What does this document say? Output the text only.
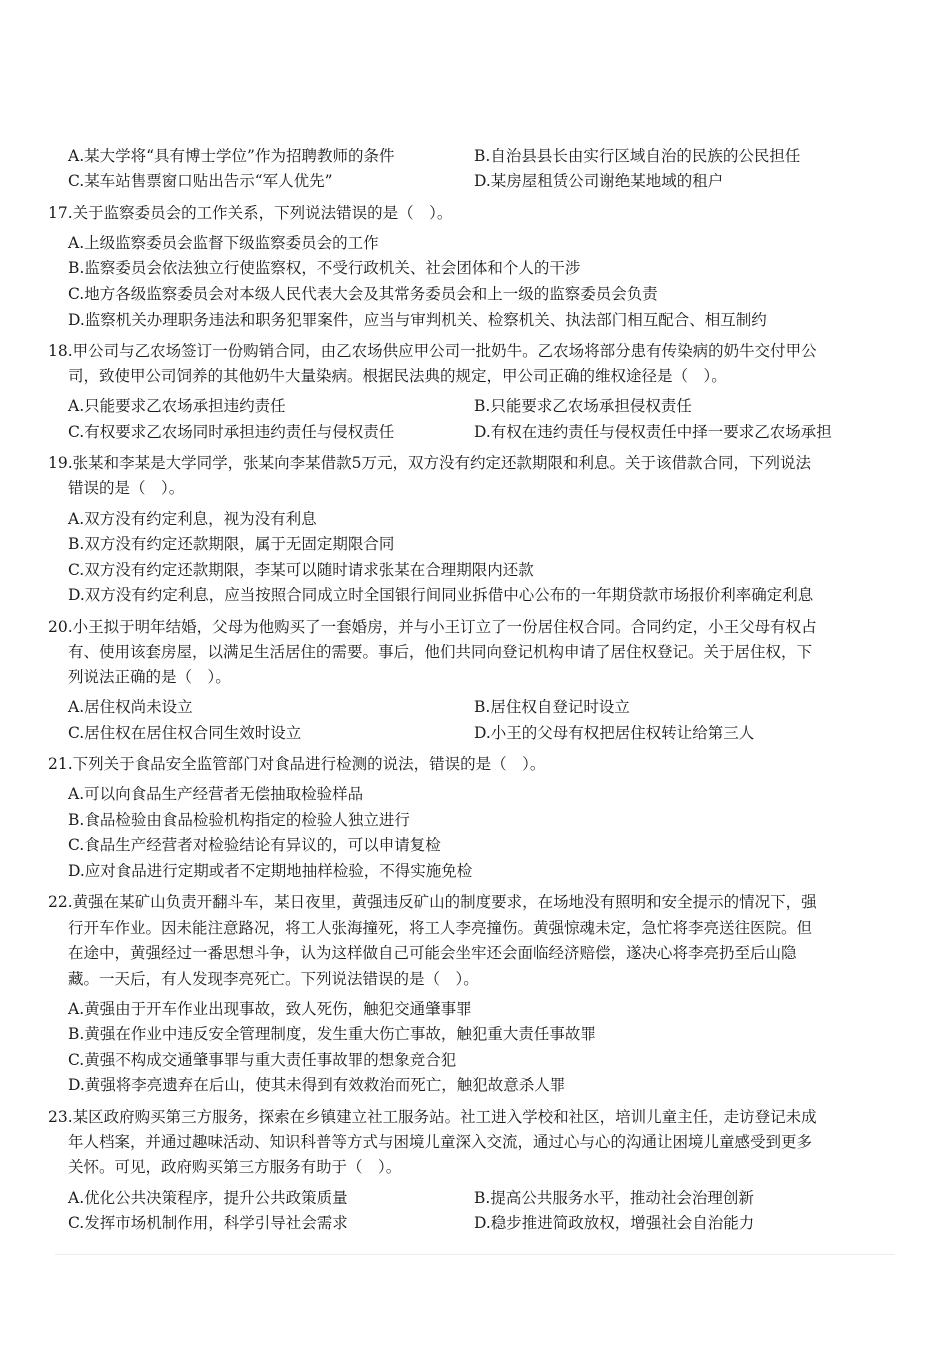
A.某大学将“具有博士学位”作为招聘教师的条件	B.自治县县长由实行区域自治的民族的公民担任
C.某车站售票窗口贴出告示“军人优先”	D.某房屋租赁公司谢绝某地域的租户
17.关于监察委员会的工作关系，下列说法错误的是（　）。
A.上级监察委员会监督下级监察委员会的工作
B.监察委员会依法独立行使监察权，不受行政机关、社会团体和个人的干涉
C.地方各级监察委员会对本级人民代表大会及其常务委员会和上一级的监察委员会负责
D.监察机关办理职务违法和职务犯罪案件，应当与审判机关、检察机关、执法部门相互配合、相互制约
18.甲公司与乙农场签订一份购销合同，由乙农场供应甲公司一批奶牛。乙农场将部分患有传染病的奶牛交付甲公
司，致使甲公司饲养的其他奶牛大量染病。根据民法典的规定，甲公司正确的维权途径是（　）。
A.只能要求乙农场承担违约责任	B.只能要求乙农场承担侵权责任
C.有权要求乙农场同时承担违约责任与侵权责任	D.有权在违约责任与侵权责任中择一要求乙农场承担
19.张某和李某是大学同学，张某向李某借款5万元，双方没有约定还款期限和利息。关于该借款合同，下列说法
错误的是（　）。
A.双方没有约定利息，视为没有利息
B.双方没有约定还款期限，属于无固定期限合同
C.双方没有约定还款期限，李某可以随时请求张某在合理期限内还款
D.双方没有约定利息，应当按照合同成立时全国银行间同业拆借中心公布的一年期贷款市场报价利率确定利息
20.小王拟于明年结婚，父母为他购买了一套婚房，并与小王订立了一份居住权合同。合同约定，小王父母有权占
有、使用该套房屋，以满足生活居住的需要。事后，他们共同向登记机构申请了居住权登记。关于居住权，下
列说法正确的是（　）。
A.居住权尚未设立	B.居住权自登记时设立
C.居住权在居住权合同生效时设立	D.小王的父母有权把居住权转让给第三人
21.下列关于食品安全监管部门对食品进行检测的说法，错误的是（　）。
A.可以向食品生产经营者无偿抽取检验样品
B.食品检验由食品检验机构指定的检验人独立进行
C.食品生产经营者对检验结论有异议的，可以申请复检
D.应对食品进行定期或者不定期地抽样检验，不得实施免检
22.黄强在某矿山负责开翻斗车，某日夜里，黄强违反矿山的制度要求，在场地没有照明和安全提示的情况下，强
行开车作业。因未能注意路况，将工人张海撞死，将工人李亮撞伤。黄强惊魂未定，急忙将李亮送往医院。但
在途中，黄强经过一番思想斗争，认为这样做自己可能会坐牢还会面临经济赔偿，遂决心将李亮扔至后山隐
藏。一天后，有人发现李亮死亡。下列说法错误的是（　）。
A.黄强由于开车作业出现事故，致人死伤，触犯交通肇事罪
B.黄强在作业中违反安全管理制度，发生重大伤亡事故，触犯重大责任事故罪
C.黄强不构成交通肇事罪与重大责任事故罪的想象竞合犯
D.黄强将李亮遗弃在后山，使其未得到有效救治而死亡，触犯故意杀人罪
23.某区政府购买第三方服务，探索在乡镇建立社工服务站。社工进入学校和社区，培训儿童主任，走访登记未成
年人档案，并通过趣味活动、知识科普等方式与困境儿童深入交流，通过心与心的沟通让困境儿童感受到更多
关怀。可见，政府购买第三方服务有助于（　）。
A.优化公共决策程序，提升公共政策质量	B.提高公共服务水平，推动社会治理创新
C.发挥市场机制作用，科学引导社会需求	D.稳步推进简政放权，增强社会自治能力
